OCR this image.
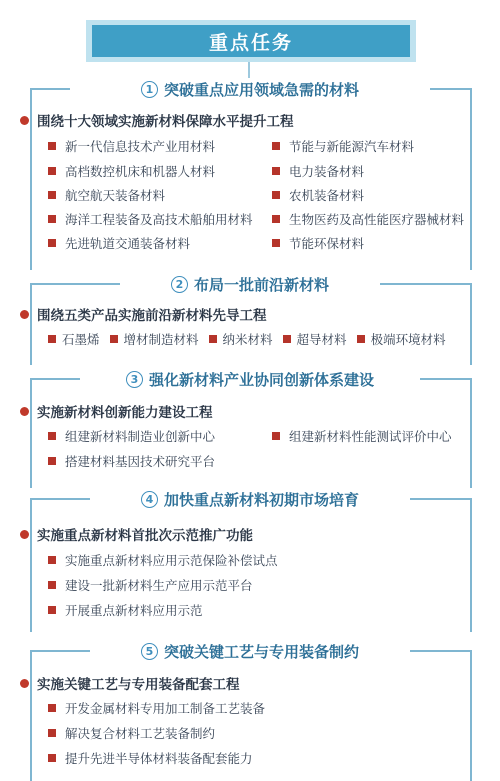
重点任务
1 突破重点应用领域急需的材料
围绕十大领域实施新材料保障水平提升工程
新一代信息技术产业用材料
高档数控机床和机器人材料
航空航天装备材料
海洋工程装备及高技术船舶用材料
先进轨道交通装备材料
节能与新能源汽车材料
电力装备材料
农机装备材料
生物医药及高性能医疗器械材料
节能环保材料
2 布局一批前沿新材料
围绕五类产品实施前沿新材料先导工程
石墨烯 增材制造材料 纳米材料 超导材料 极端环境材料
3 强化新材料产业协同创新体系建设
实施新材料创新能力建设工程
组建新材料制造业创新中心
搭建材料基因技术研究平台
组建新材料性能测试评价中心
4 加快重点新材料初期市场培育
实施重点新材料首批次示范推广功能
实施重点新材料应用示范保险补偿试点
建设一批新材料生产应用示范平台
开展重点新材料应用示范
5 突破关键工艺与专用装备制约
实施关键工艺与专用装备配套工程
开发金属材料专用加工制备工艺装备
解决复合材料工艺装备制约
提升先进半导体材料装备配套能力
